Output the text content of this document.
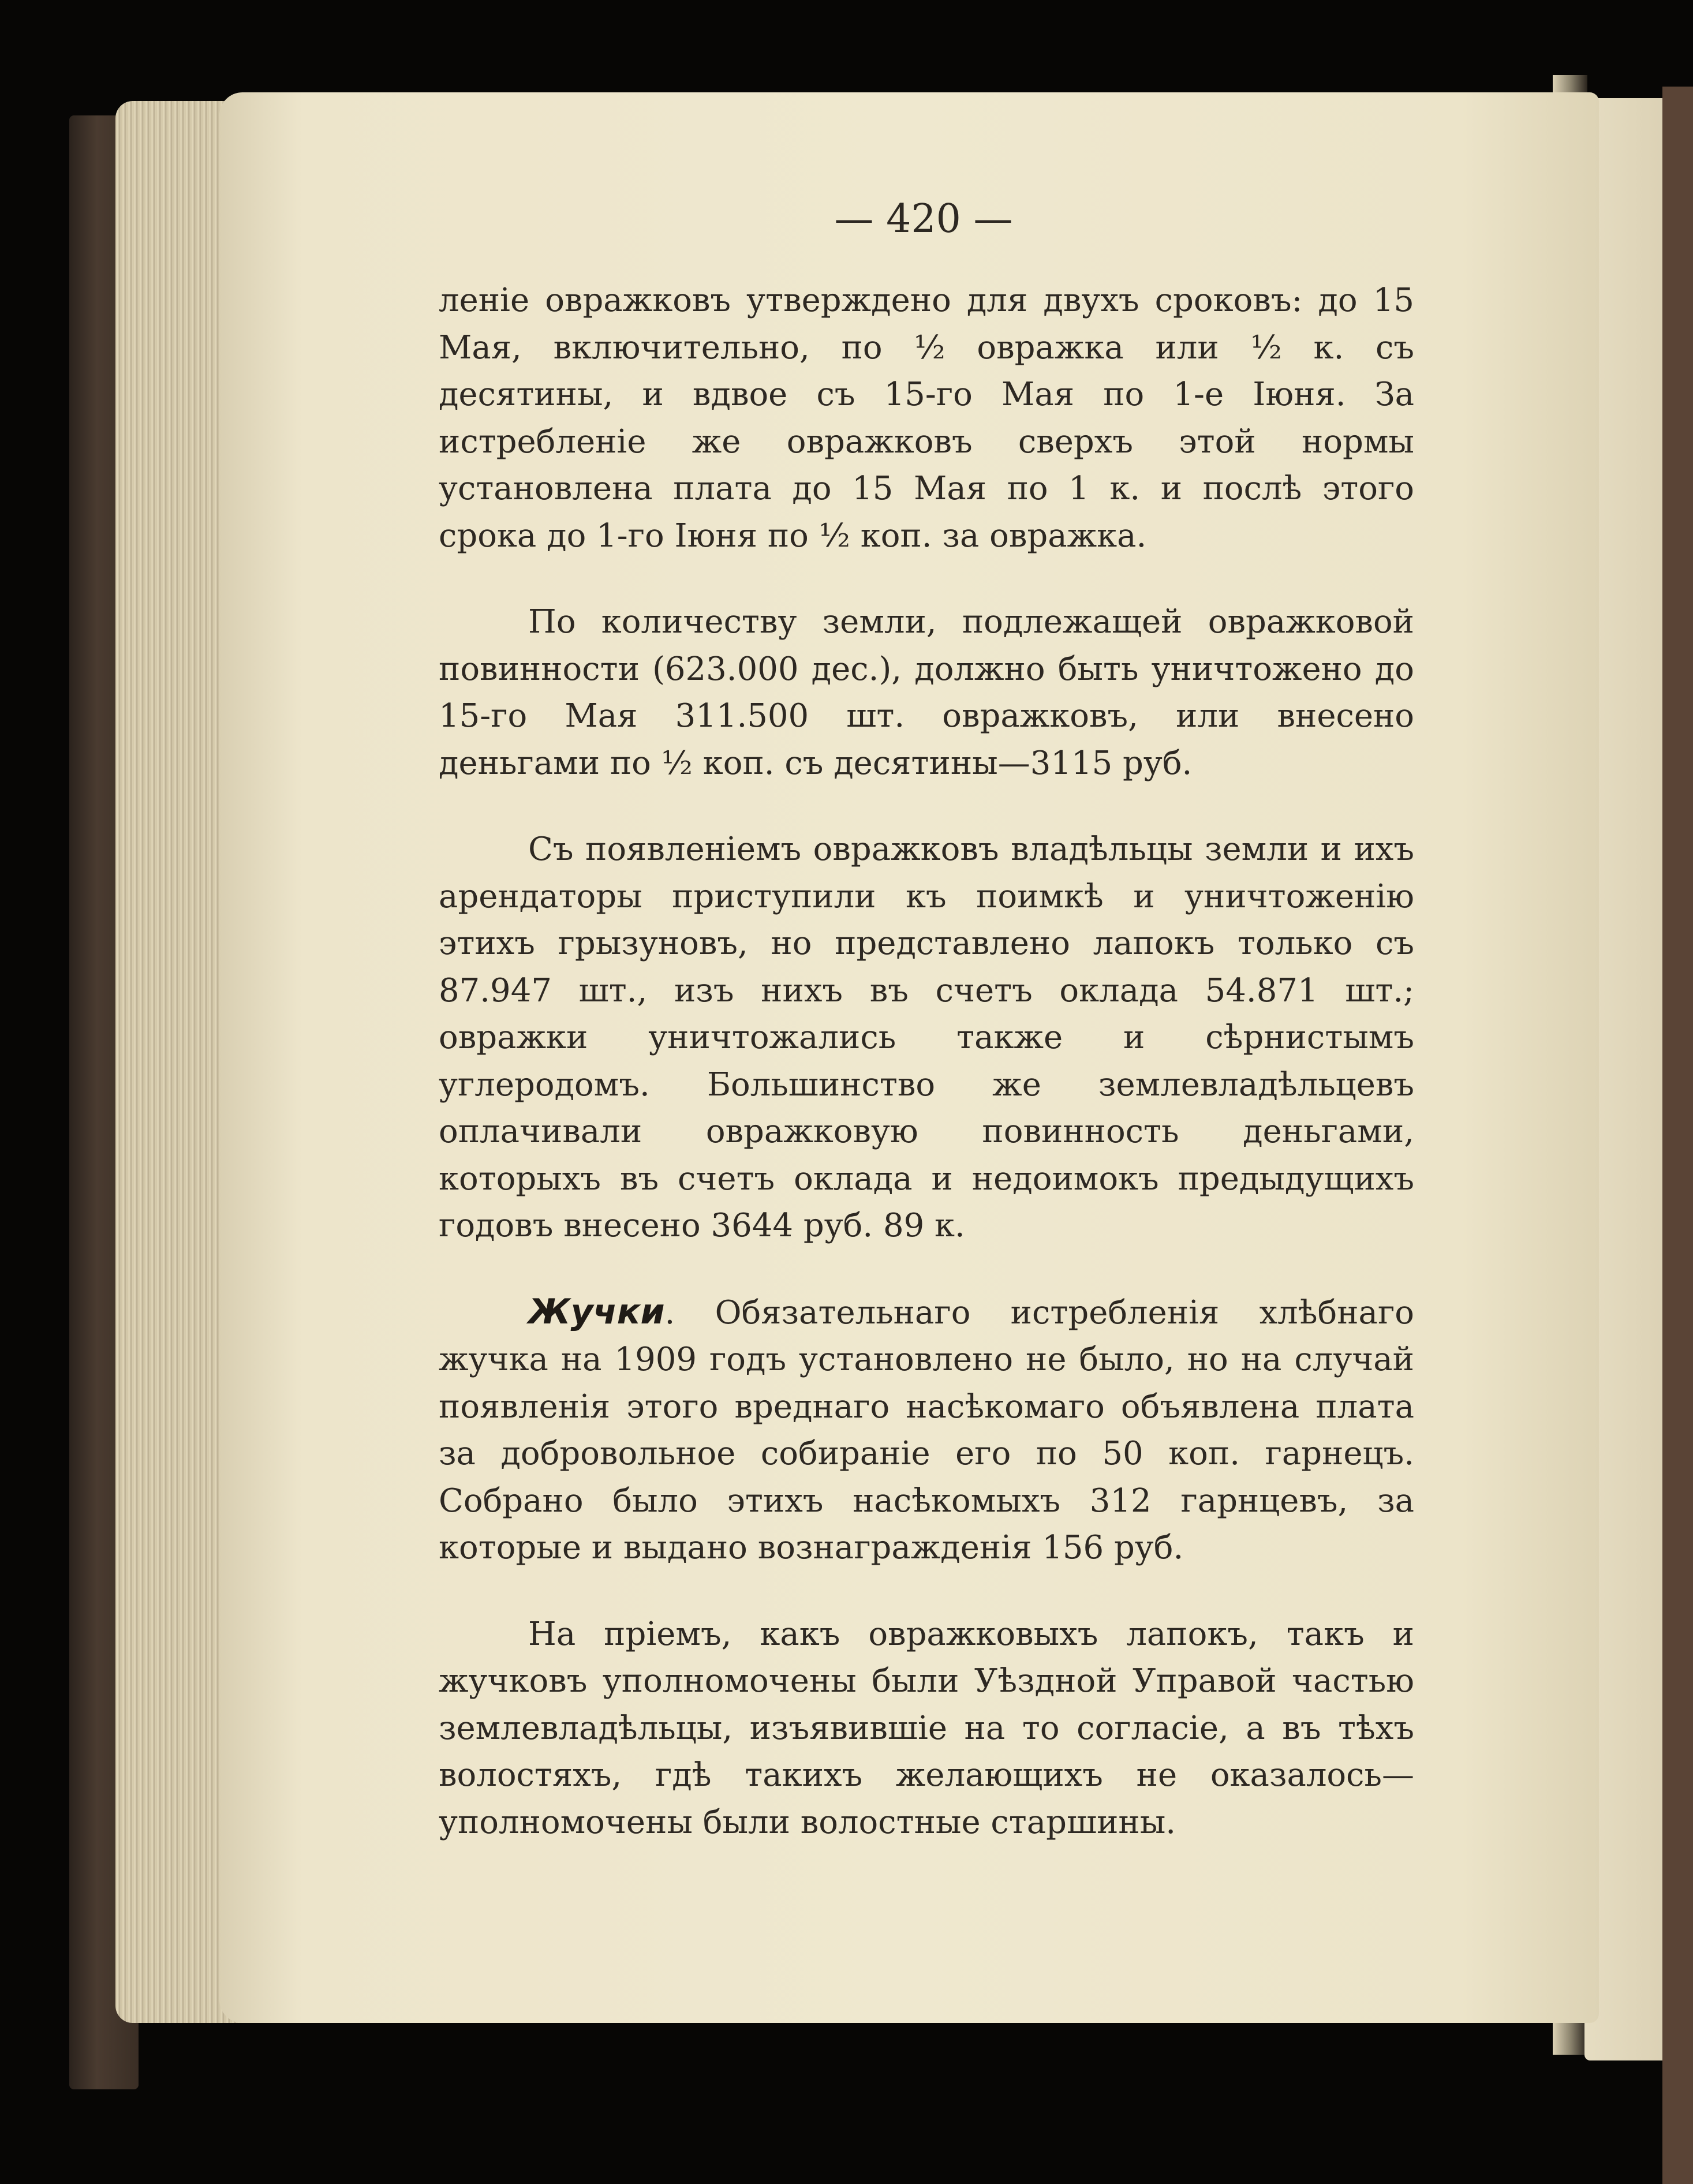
— 420 —

леніе овражковъ утверждено для двухъ сроковъ: до 15 Мая, включительно, по ½ овражка или ½ к. съ десятины, и вдвое съ 15-го Мая по 1-е Іюня. За истребленіе же овражковъ сверхъ этой нормы установлена плата до 15 Мая по 1 к. и послѣ этого срока до 1-го Іюня по ½ коп. за овражка.

По количеству земли, подлежащей овражковой повинности (623.000 дес.), должно быть уничтожено до 15-го Мая 311.500 шт. овражковъ, или внесено деньгами по ½ коп. съ десятины—3115 руб.

Съ появленіемъ овражковъ владѣльцы земли и ихъ арендаторы приступили къ поимкѣ и уничтоженію этихъ грызуновъ, но представлено лапокъ только съ 87.947 шт., изъ нихъ въ счетъ оклада 54.871 шт.; овражки уничтожались также и сѣрнистымъ углеродомъ. Большинство же землевладѣльцевъ оплачивали овражковую повинность деньгами, которыхъ въ счетъ оклада и недоимокъ предыдущихъ годовъ внесено 3644 руб. 89 к.

Жучки. Обязательнаго истребленія хлѣбнаго жучка на 1909 годъ установлено не было, но на случай появленія этого вреднаго насѣкомаго объявлена плата за добровольное собираніе его по 50 коп. гарнецъ. Собрано было этихъ насѣкомыхъ 312 гарнцевъ, за которые и выдано вознагражденія 156 руб.

На пріемъ, какъ овражковыхъ лапокъ, такъ и жучковъ уполномочены были Уѣздной Управой частью землевладѣльцы, изъявившіе на то согласіе, а въ тѣхъ волостяхъ, гдѣ такихъ желающихъ не оказалось—уполномочены были волостные старшины.
